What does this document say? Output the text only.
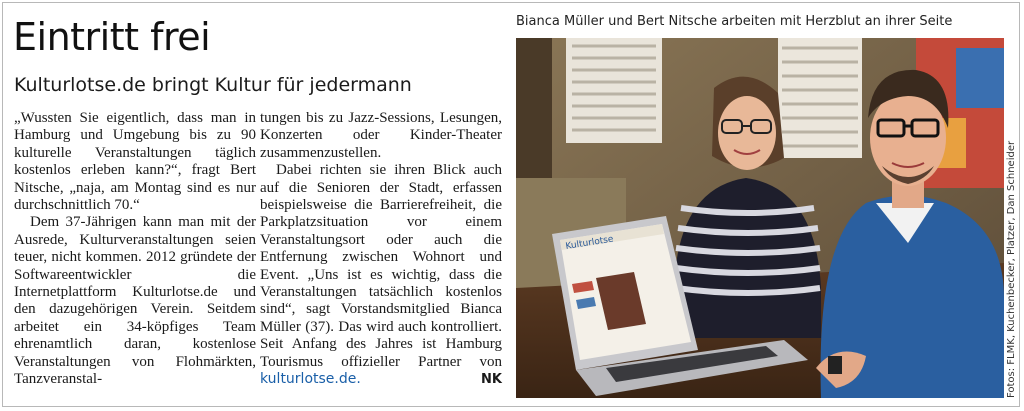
Eintritt frei
Kulturlotse.de bringt Kultur für jedermann

„Wussten Sie eigentlich, dass man in Hamburg und Umgebung bis zu 90 kulturelle Veranstaltungen täglich kostenlos erleben kann?“, fragt Bert Nitsche, „naja, am Montag sind es nur durchschnittlich 70.“

Dem 37-Jährigen kann man mit der Ausrede, Kulturveranstaltungen seien teuer, nicht kommen. 2012 gründete der Softwareentwickler die Internetplattform Kulturlotse.de und den dazugehörigen Verein. Seitdem arbeitet ein 34-köpfiges Team ehrenamtlich daran, kostenlose Veranstaltungen von Flohmärkten, Tanzveranstal-

tungen bis zu Jazz-Sessions, Lesungen, Konzerten oder Kinder-Theater zusammenzustellen.

Dabei richten sie ihren Blick auch auf die Senioren der Stadt, erfassen beispielsweise die Barrierefreiheit, die Parkplatzsituation vor einem Veranstaltungsort oder auch die Entfernung zwischen Wohnort und Event. „Uns ist es wichtig, dass die Veranstaltungen tatsächlich kostenlos sind“, sagt Vorstandsmitglied Bianca Müller (37). Das wird auch kontrolliert. Seit Anfang des Jahres ist Hamburg Tourismus offizieller Partner von kulturlotse.de.	NK

Bianca Müller und Bert Nitsche arbeiten mit Herzblut an ihrer Seite

Kulturlotse	Fotos: FLMK, Kuchenbecker, Platzer, Dan Schneider
